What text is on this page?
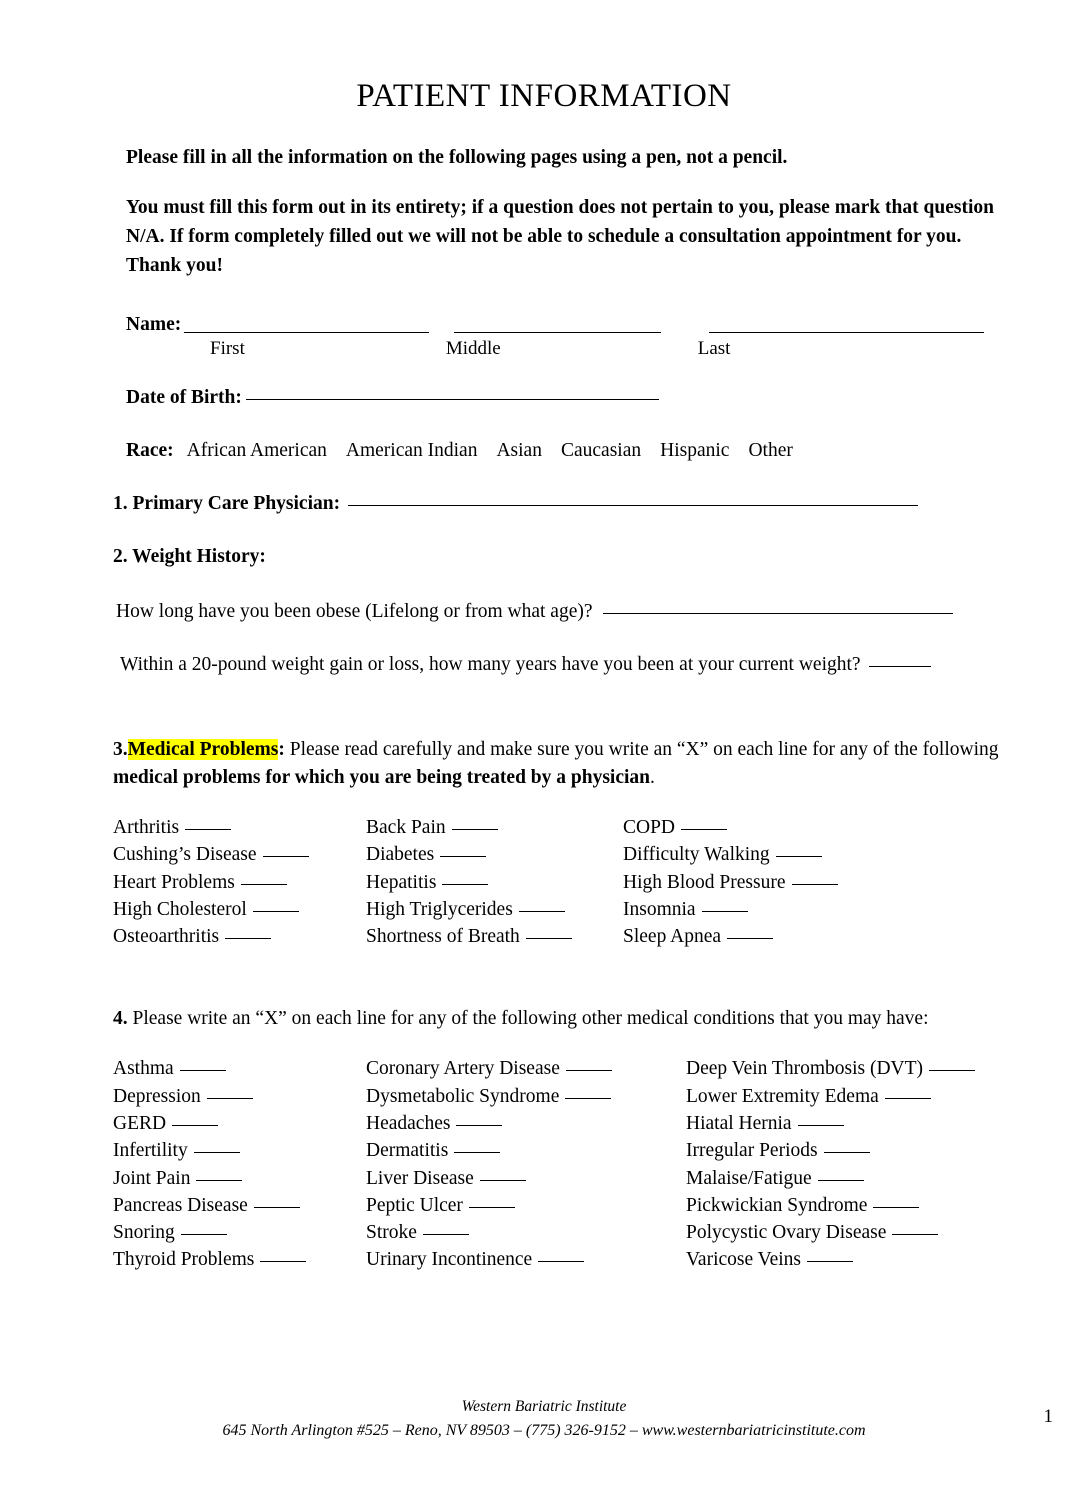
PATIENT INFORMATION
Please fill in all the information on the following pages using a pen, not a pencil.
You must fill this form out in its entirety; if a question does not pertain to you, please mark that question N/A. If form completely filled out we will not be able to schedule a consultation appointment for you. Thank you!
Name:
First	Middle	Last
Date of Birth:
Race: African American American Indian Asian Caucasian Hispanic Other
1. Primary Care Physician:
2. Weight History:
How long have you been obese (Lifelong or from what age)?
Within a 20-pound weight gain or loss, how many years have you been at your current weight?
3.Medical Problems: Please read carefully and make sure you write an “X” on each line for any of the following medical problems for which you are being treated by a physician.
Arthritis	Back Pain	COPD
Cushing’s Disease	Diabetes	Difficulty Walking
Heart Problems	Hepatitis	High Blood Pressure
High Cholesterol	High Triglycerides	Insomnia
Osteoarthritis	Shortness of Breath	Sleep Apnea
4. Please write an “X” on each line for any of the following other medical conditions that you may have:
Asthma	Coronary Artery Disease	Deep Vein Thrombosis (DVT)
Depression	Dysmetabolic Syndrome	Lower Extremity Edema
GERD	Headaches	Hiatal Hernia
Infertility	Dermatitis	Irregular Periods
Joint Pain	Liver Disease	Malaise/Fatigue
Pancreas Disease	Peptic Ulcer	Pickwickian Syndrome
Snoring	Stroke	Polycystic Ovary Disease
Thyroid Problems	Urinary Incontinence	Varicose Veins
Western Bariatric Institute
645 North Arlington #525 – Reno, NV 89503 – (775) 326-9152 – www.westernbariatricinstitute.com
1
